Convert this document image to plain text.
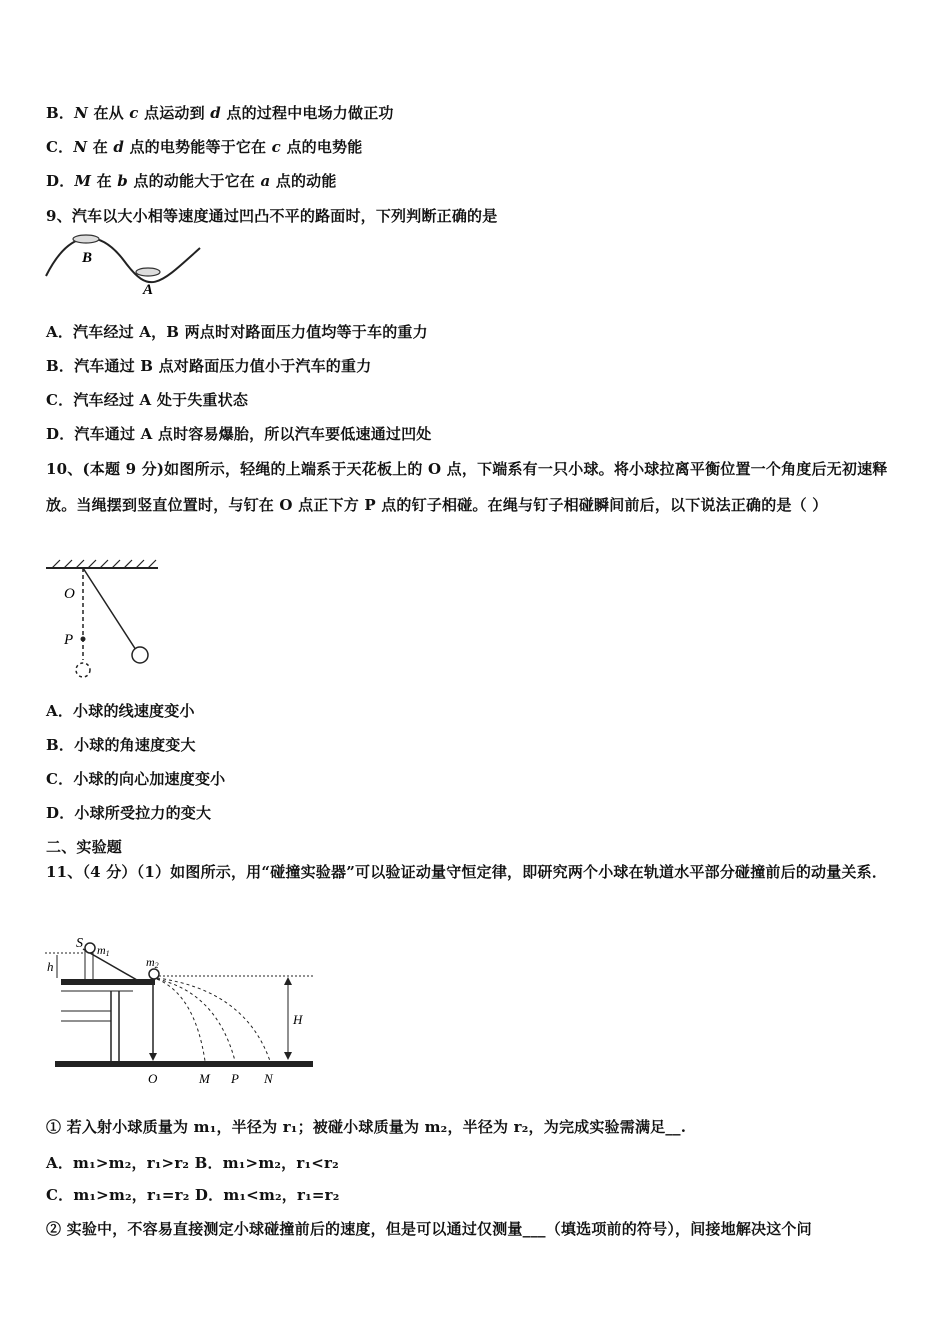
B．N 在从 c 点运动到 d 点的过程中电场力做正功
C．N 在 d 点的电势能等于它在 c 点的电势能
D．M 在 b 点的动能大于它在 a 点的动能
9、汽车以大小相等速度通过凹凸不平的路面时，下列判断正确的是
B
A
A．汽车经过 A，B 两点时对路面压力值均等于车的重力
B．汽车通过 B 点对路面压力值小于汽车的重力
C．汽车经过 A 处于失重状态
D．汽车通过 A 点时容易爆胎，所以汽车要低速通过凹处
10、(本题 9 分)如图所示，轻绳的上端系于天花板上的 O 点，下端系有一只小球。将小球拉离平衡位置一个角度后无初速释放。当绳摆到竖直位置时，与钉在 O 点正下方 P 点的钉子相碰。在绳与钉子相碰瞬间前后，以下说法正确的是（ ）
O
P
A．小球的线速度变小
B．小球的角速度变大
C．小球的向心加速度变小
D．小球所受拉力的变大
二、实验题
11、（4 分）（1）如图所示，用“碰撞实验器”可以验证动量守恒定律，即研究两个小球在轨道水平部分碰撞前后的动量关系．
S m1
m2
h
H
O	M P N
① 若入射小球质量为 m₁，半径为 r₁；被碰小球质量为 m₂，半径为 r₂，为完成实验需满足__.
A．m₁>m₂，r₁>r₂ B．m₁>m₂，r₁<r₂
C．m₁>m₂，r₁=r₂ D．m₁<m₂，r₁=r₂
② 实验中，不容易直接测定小球碰撞前后的速度，但是可以通过仅测量___（填选项前的符号），间接地解决这个问
